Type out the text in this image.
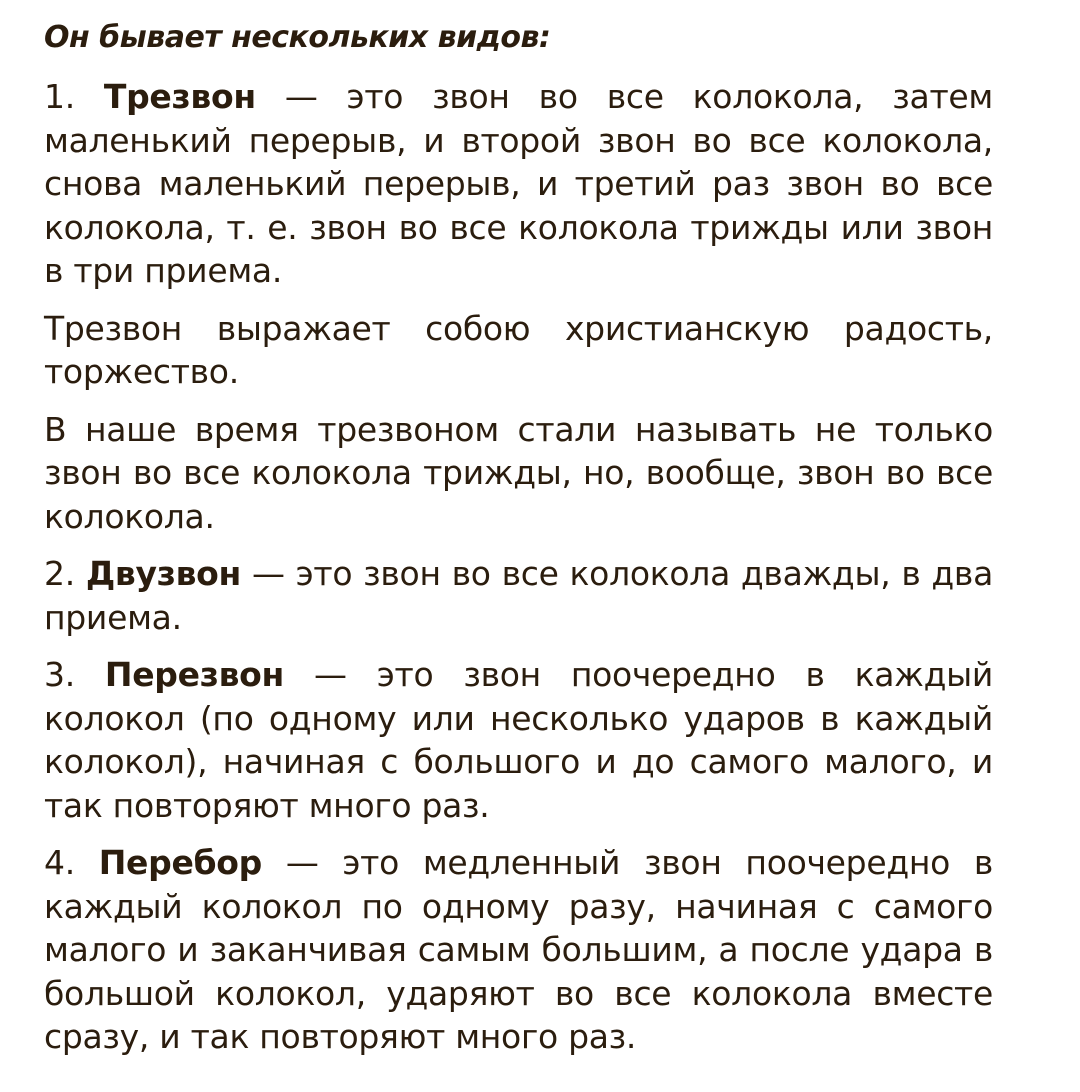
Он бывает нескольких видов:

1. Трезвон — это звон во все колокола, затем маленький перерыв, и второй звон во все колокола, снова маленький перерыв, и третий раз звон во все колокола, т. е. звон во все колокола трижды или звон в три приема.

Трезвон выражает собою христианскую радость, торжество.

В наше время трезвоном стали называть не только звон во все колокола трижды, но, вообще, звон во все колокола.

2. Двузвон — это звон во все колокола дважды, в два приема.

3. Перезвон — это звон поочередно в каждый колокол (по одному или несколько ударов в каждый колокол), начиная с большого и до самого малого, и так повторяют много раз.

4. Перебор — это медленный звон поочередно в каждый колокол по одному разу, начиная с самого малого и заканчивая самым большим, а после удара в большой колокол, ударяют во все колокола вместе сразу, и так повторяют много раз.
